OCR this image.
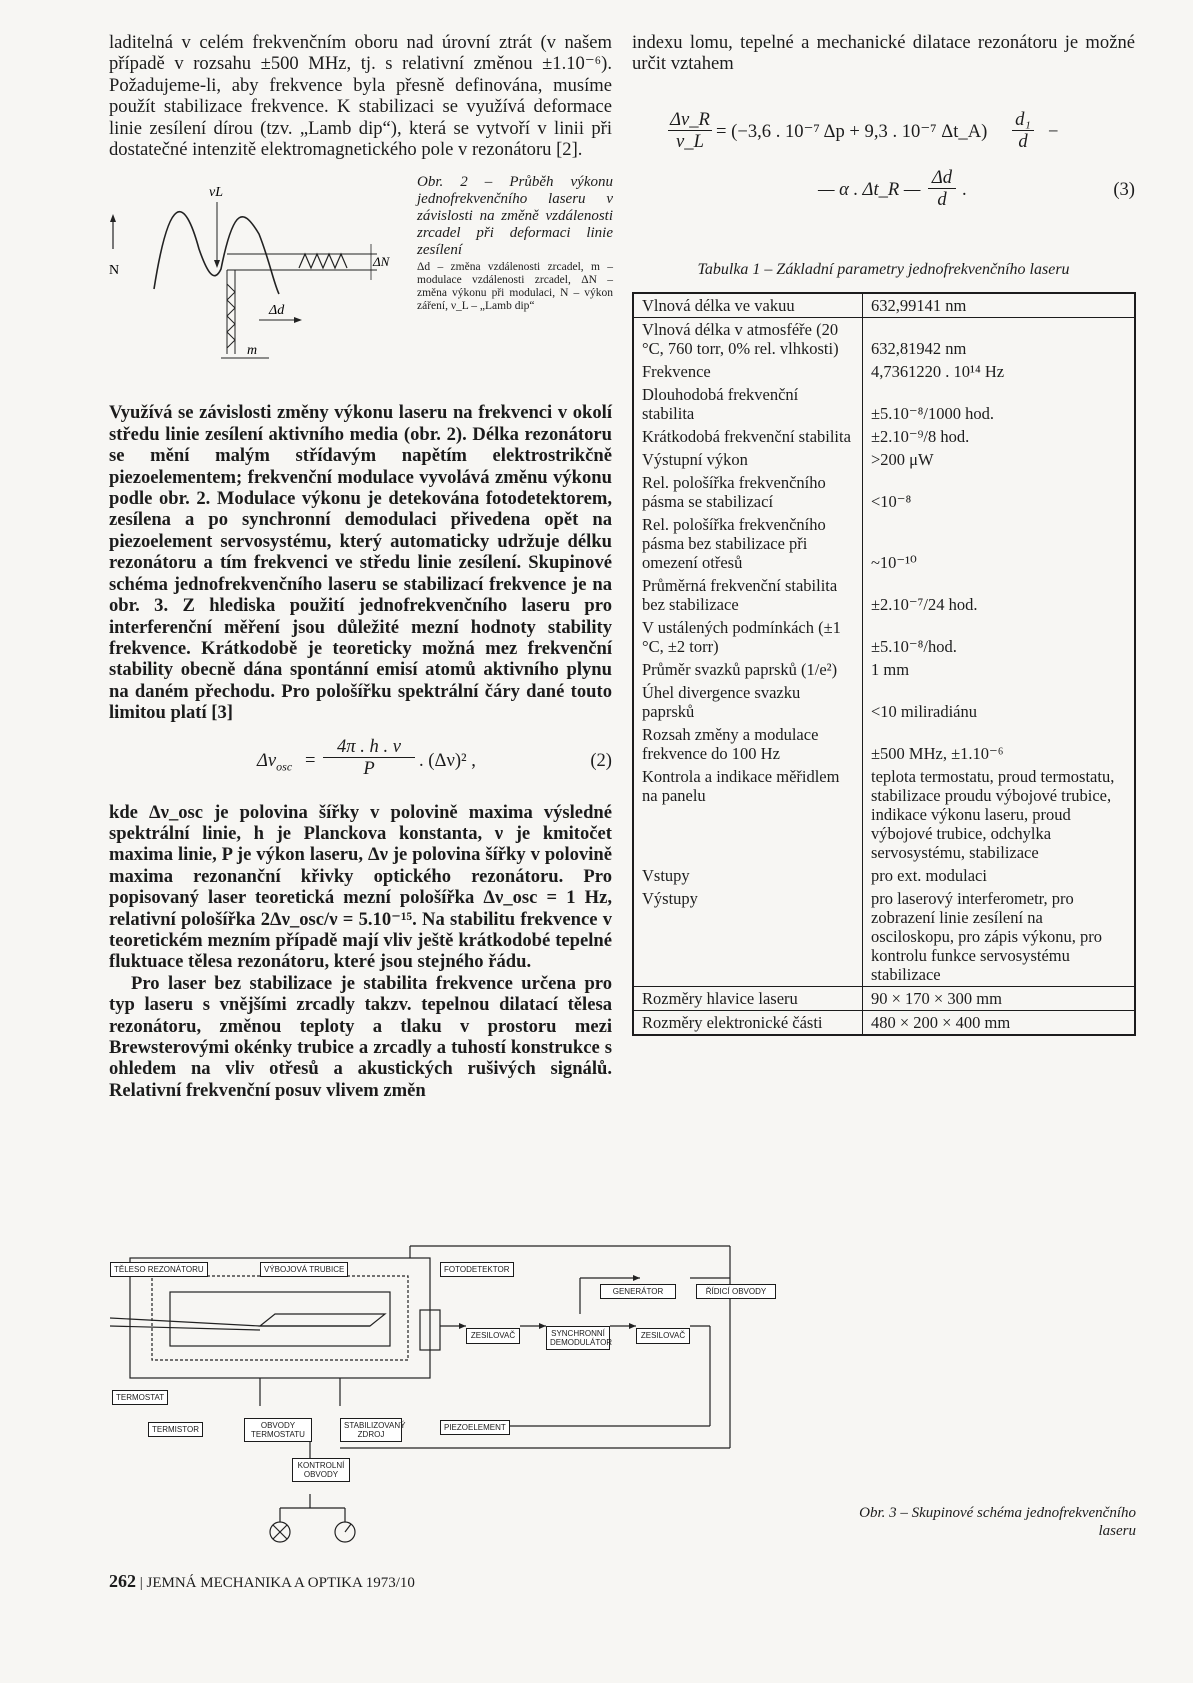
laditelná v celém frekvenčním oboru nad úrovní ztrát (v našem případě v rozsahu ±500 MHz, tj. s relativní změnou ±1.10⁻⁶). Požadujeme-li, aby frekvence byla přesně definována, musíme použít stabilizace frekvence. K stabilizaci se využívá deformace linie zesílení dírou (tzv. „Lamb dip“), která se vytvoří v linii při dostatečné intenzitě elektromagnetického pole v rezonátoru [2].

N
νL
ΔN
Δd
m
Obr. 2 – Průběh výkonu jednofrekvenčního laseru v závislosti na změně vzdálenosti zrcadel při deformaci linie zesílení
Δd – změna vzdálenosti zrcadel, m – modulace vzdálenosti zrcadel, ΔN – změna výkonu při modulaci, N – výkon záření, ν_L – „Lamb dip“

Využívá se závislosti změny výkonu laseru na frekvenci v okolí středu linie zesílení aktivního media (obr. 2). Délka rezonátoru se mění malým střídavým napětím elektrostrikčně piezoelementem; frekvenční modulace vyvolává změnu výkonu podle obr. 2. Modulace výkonu je detekována fotodetektorem, zesílena a po synchronní demodulaci přivedena opět na piezoelement servosystému, který automaticky udržuje délku rezonátoru a tím frekvenci ve středu linie zesílení. Skupinové schéma jednofrekvenčního laseru se stabilizací frekvence je na obr. 3. Z hlediska použití jednofrekvenčního laseru pro interferenční měření jsou důležité mezní hodnoty stability frekvence. Krátkodobě je teoreticky možná mez frekvenční stability obecně dána spontánní emisí atomů aktivního plynu na daném přechodu. Pro pološířku spektrální čáry dané touto limitou platí [3]

$\Delta\nu_{osc} = \frac{4\pi . h . \nu}{P}$ . (Δν)² ,	(2)

kde Δν_osc je polovina šířky v polovině maxima výsledné spektrální linie, h je Planckova konstanta, ν je kmitočet maxima linie, P je výkon laseru, Δν je polovina šířky v polovině maxima rezonanční křivky optického rezonátoru. Pro popisovaný laser teoretická mezní pološířka Δν_osc = 1 Hz, relativní pološířka 2Δν_osc/ν = 5.10⁻¹⁵. Na stabilitu frekvence v teoretickém mezním případě mají vliv ještě krátkodobé tepelné fluktuace tělesa rezonátoru, které jsou stejného řádu.

Pro laser bez stabilizace je stabilita frekvence určena pro typ laseru s vnějšími zrcadly takzv. tepelnou dilatací tělesa rezonátoru, změnou teploty a tlaku v prostoru mezi Brewsterovými okénky trubice a zrcadly a tuhostí konstrukce s ohledem na vliv otřesů a akustických rušivých signálů. Relativní frekvenční posuv vlivem změn

indexu lomu, tepelné a mechanické dilatace rezonátoru je možné určit vztahem

$\frac{\Delta\nu\_R}{\nu\_L} = (-3,6$ . 10⁻⁷ Δp + 9,3 . 10⁻⁷ Δt_A) $\frac{\text{d₁}}{d}$ −
— α . Δt_R — $\frac{\Delta d}{d}$ .	(3)
Tabulka 1 – Základní parametry jednofrekvenčního laseru
Vlnová délka ve vakuu	632,99141 nm
Vlnová délka v atmosféře (20 °C, 760 torr, 0% rel. vlhkosti)	632,81942 nm
Frekvence	4,7361220 . 10¹⁴ Hz
Dlouhodobá frekvenční stabilita	±5.10⁻⁸/1000 hod.
Krátkodobá frekvenční stabilita	±2.10⁻⁹/8 hod.
Výstupní výkon	>200 μW
Rel. pološířka frekvenčního pásma se stabilizací	<10⁻⁸
Rel. pološířka frekvenčního pásma bez stabilizace při omezení otřesů	~10⁻¹⁰
Průměrná frekvenční stabilita bez stabilizace	±2.10⁻⁷/24 hod.
V ustálených podmínkách (±1 °C, ±2 torr)	±5.10⁻⁸/hod.
Průměr svazků paprsků (1/e²)	1 mm
Úhel divergence svazku paprsků	<10 miliradiánu
Rozsah změny a modulace frekvence do 100 Hz	±500 MHz, ±1.10⁻⁶
Kontrola a indikace měřidlem na panelu	teplota termostatu, proud termostatu, stabilizace proudu výbojové trubice, indikace výkonu laseru, proud výbojové trubice, odchylka servosystému, stabilizace
Vstupy	pro ext. modulaci
Výstupy	pro laserový interferometr, pro zobrazení linie zesílení na osciloskopu, pro zápis výkonu, pro kontrolu funkce servosystému stabilizace
Rozměry hlavice laseru	90 × 170 × 300 mm
Rozměry elektronické části	480 × 200 × 400 mm
TĚLESO REZONÁTORU	VÝBOJOVÁ TRUBICE	FOTODETEKTOR
GENERÁTOR	ŘÍDICÍ OBVODY
ZESILOVAČ	SYNCHRONNÍ DEMODULÁTOR
ZESILOVAČ
TERMOSTAT
TERMISTOR	OBVODY TERMOSTATU
STABILIZOVANÝ ZDROJ
PIEZOELEMENT
KONTROLNÍ OBVODY
Obr. 3 – Skupinové schéma jednofrekvenčního laseru
262 | JEMNÁ MECHANIKA A OPTIKA 1973/10
